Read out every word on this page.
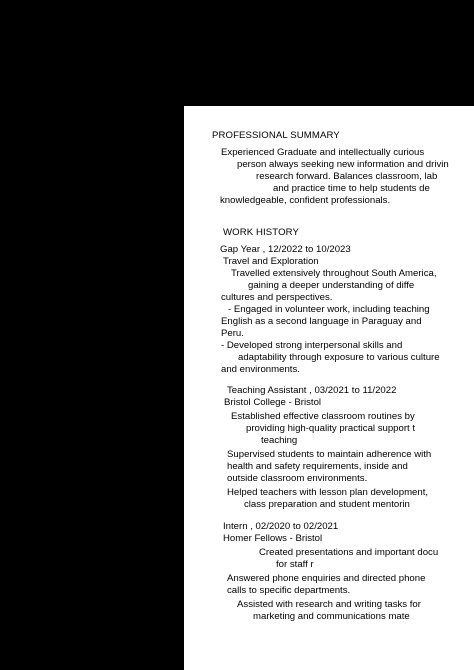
PROFESSIONAL SUMMARY
Experienced Graduate and intellectually curious
person always seeking new information and drivin
research forward. Balances classroom, lab
and practice time to help students de
knowledgeable, confident professionals.
WORK HISTORY
Gap Year , 12/2022 to 10/2023
Travel and Exploration
Travelled extensively throughout South America,
gaining a deeper understanding of diffe
cultures and perspectives.
- Engaged in volunteer work, including teaching
English as a second language in Paraguay and
Peru.
- Developed strong interpersonal skills and
adaptability through exposure to various culture
and environments.
Teaching Assistant , 03/2021 to 11/2022
Bristol College - Bristol
Established effective classroom routines by
providing high-quality practical support t
teaching
Supervised students to maintain adherence with
health and safety requirements, inside and
outside classroom environments.
Helped teachers with lesson plan development,
class preparation and student mentorin
Intern , 02/2020 to 02/2021
Homer Fellows - Bristol
Created presentations and important docu
for staff r
Answered phone enquiries and directed phone
calls to specific departments.
Assisted with research and writing tasks for
marketing and communications mate
